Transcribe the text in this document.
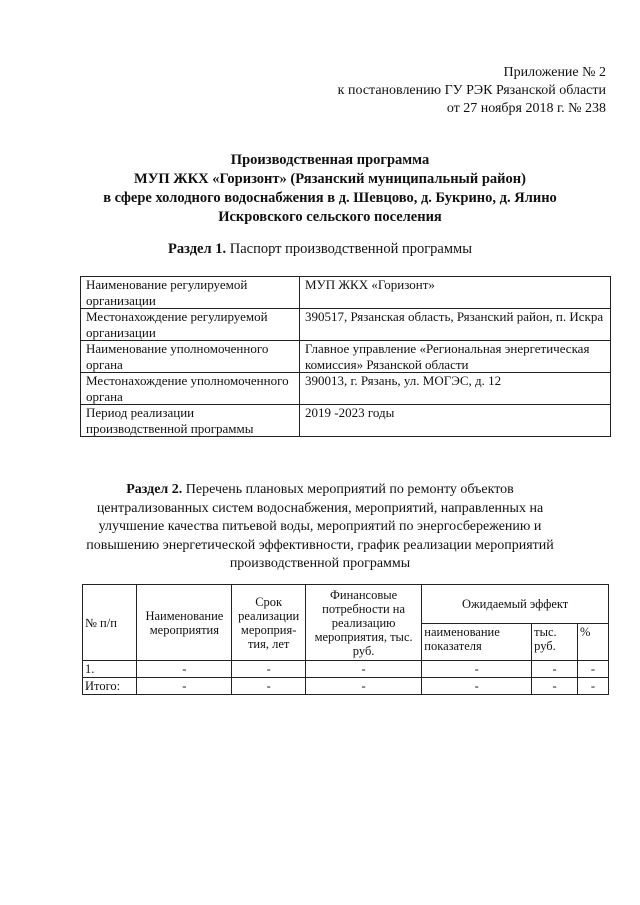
Приложение № 2
к постановлению ГУ РЭК Рязанской области
от 27 ноября 2018 г. № 238
Производственная программа
МУП ЖКХ «Горизонт» (Рязанский муниципальный район)
в сфере холодного водоснабжения в д. Шевцово, д. Букрино, д. Ялино
Искровского сельского поселения
Раздел 1. Паспорт производственной программы
Наименование регулируемой организации	МУП ЖКХ «Горизонт»
Местонахождение регулируемой организации	390517, Рязанская область, Рязанский район, п. Искра
Наименование уполномоченного органа	Главное управление «Региональная энергетическая комиссия» Рязанской области
Местонахождение уполномоченного органа	390013, г. Рязань, ул. МОГЭС, д. 12
Период реализации производственной программы	2019 -2023 годы
Раздел 2. Перечень плановых мероприятий по ремонту объектов централизованных систем водоснабжения, мероприятий, направленных на улучшение качества питьевой воды, мероприятий по энергосбережению и повышению энергетической эффективности, график реализации мероприятий производственной программы
№ п/п	Наименование мероприятия	Срок реализации мероприя-тия, лет	Финансовые потребности на реализацию мероприятия, тыс. руб.	Ожидаемый эффект		
				наименование показателя	тыс. руб.	%
1.	-	-	-	-	-	-
Итого:	-	-	-	-	-	-
